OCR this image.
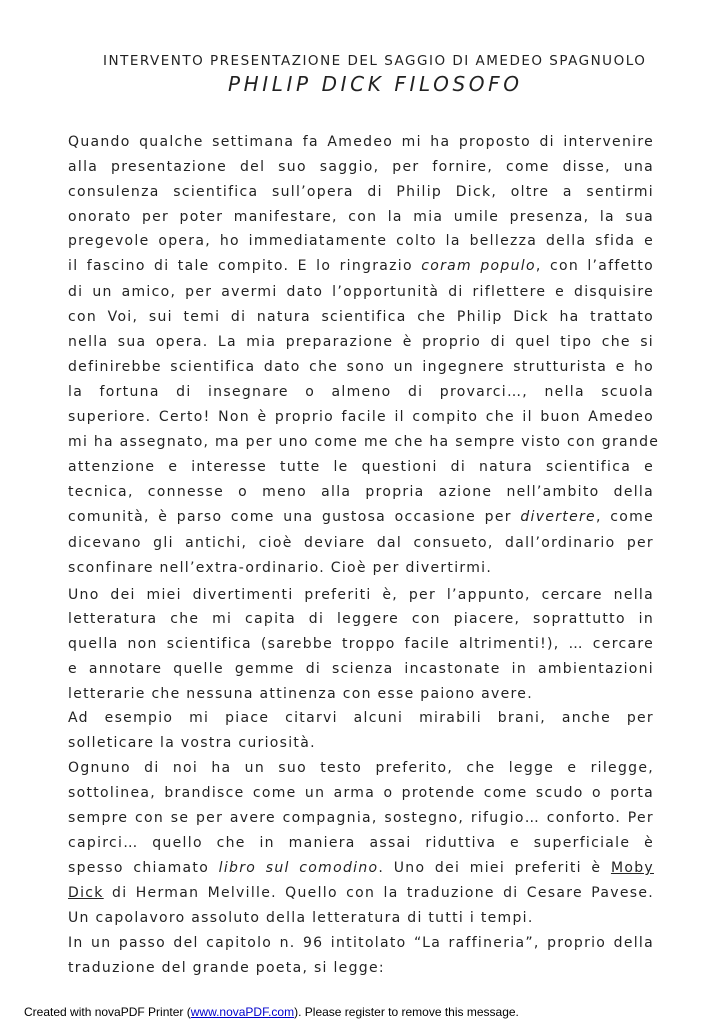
INTERVENTO PRESENTAZIONE DEL SAGGIO DI AMEDEO SPAGNUOLO
PHILIP DICK FILOSOFO
Quando qualche settimana fa Amedeo mi ha proposto di intervenire
alla presentazione del suo saggio, per fornire, come disse, una
consulenza scientifica sull’opera di Philip Dick, oltre a sentirmi
onorato per poter manifestare, con la mia umile presenza, la sua
pregevole opera, ho immediatamente colto la bellezza della sfida e
il fascino di tale compito. E lo ringrazio coram populo, con l’affetto
di un amico, per avermi dato l’opportunità di riflettere e disquisire
con Voi, sui temi di natura scientifica che Philip Dick ha trattato
nella sua opera. La mia preparazione è proprio di quel tipo che si
definirebbe scientifica dato che sono un ingegnere strutturista e ho
la fortuna di insegnare o almeno di provarci…, nella scuola
superiore. Certo! Non è proprio facile il compito che il buon Amedeo
mi ha assegnato, ma per uno come me che ha sempre visto con grande
attenzione e interesse tutte le questioni di natura scientifica e
tecnica, connesse o meno alla propria azione nell’ambito della
comunità, è parso come una gustosa occasione per divertere, come
dicevano gli antichi, cioè deviare dal consueto, dall’ordinario per
sconfinare nell’extra-ordinario. Cioè per divertirmi.
Uno dei miei divertimenti preferiti è, per l’appunto, cercare nella
letteratura che mi capita di leggere con piacere, soprattutto in
quella non scientifica (sarebbe troppo facile altrimenti!), … cercare
e annotare quelle gemme di scienza incastonate in ambientazioni
letterarie che nessuna attinenza con esse paiono avere.
Ad esempio mi piace citarvi alcuni mirabili brani, anche per
solleticare la vostra curiosità.
Ognuno di noi ha un suo testo preferito, che legge e rilegge,
sottolinea, brandisce come un arma o protende come scudo o porta
sempre con se per avere compagnia, sostegno, rifugio… conforto. Per
capirci… quello che in maniera assai riduttiva e superficiale è
spesso chiamato libro sul comodino. Uno dei miei preferiti è Moby
Dick di Herman Melville. Quello con la traduzione di Cesare Pavese.
Un capolavoro assoluto della letteratura di tutti i tempi.
In un passo del capitolo n. 96 intitolato “La raffineria”, proprio della
traduzione del grande poeta, si legge:
Created with novaPDF Printer (www.novaPDF.com). Please register to remove this message.
